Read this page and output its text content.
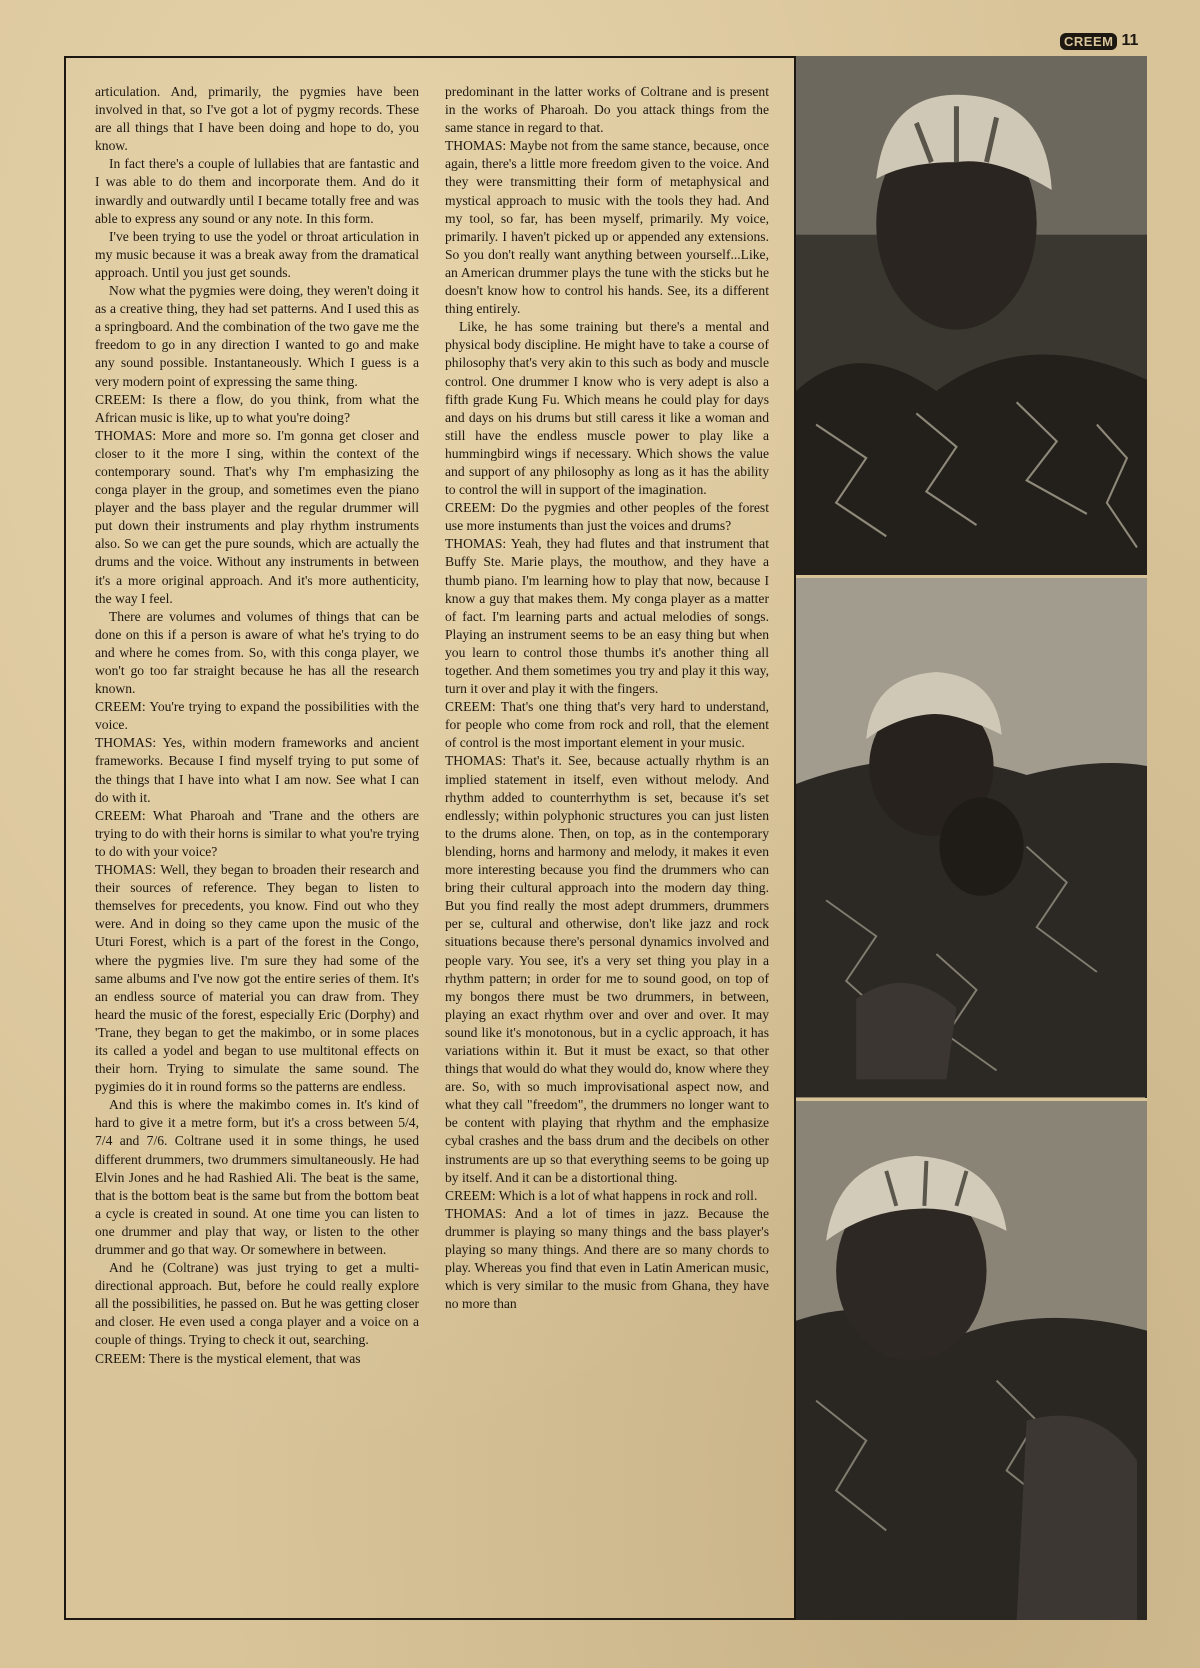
CREEM 11

articulation. And, primarily, the pygmies have been involved in that, so I've got a lot of pygmy records. These are all things that I have been doing and hope to do, you know.

In fact there's a couple of lullabies that are fantastic and I was able to do them and incorporate them. And do it inwardly and outwardly until I became totally free and was able to express any sound or any note. In this form.

I've been trying to use the yodel or throat articulation in my music because it was a break away from the dramatical approach. Until you just get sounds.

Now what the pygmies were doing, they weren't doing it as a creative thing, they had set patterns. And I used this as a springboard. And the combination of the two gave me the freedom to go in any direction I wanted to go and make any sound possible. Instantaneously. Which I guess is a very modern point of expressing the same thing.

CREEM: Is there a flow, do you think, from what the African music is like, up to what you're doing?

THOMAS: More and more so. I'm gonna get closer and closer to it the more I sing, within the context of the contemporary sound. That's why I'm emphasizing the conga player in the group, and sometimes even the piano player and the bass player and the regular drummer will put down their instruments and play rhythm instruments also. So we can get the pure sounds, which are actually the drums and the voice. Without any instruments in between it's a more original approach. And it's more authenticity, the way I feel.

There are volumes and volumes of things that can be done on this if a person is aware of what he's trying to do and where he comes from. So, with this conga player, we won't go too far straight because he has all the research known.

CREEM: You're trying to expand the possibilities with the voice.

THOMAS: Yes, within modern frameworks and ancient frameworks. Because I find myself trying to put some of the things that I have into what I am now. See what I can do with it.

CREEM: What Pharoah and 'Trane and the others are trying to do with their horns is similar to what you're trying to do with your voice?

THOMAS: Well, they began to broaden their research and their sources of reference. They began to listen to themselves for precedents, you know. Find out who they were. And in doing so they came upon the music of the Uturi Forest, which is a part of the forest in the Congo, where the pygmies live. I'm sure they had some of the same albums and I've now got the entire series of them. It's an endless source of material you can draw from. They heard the music of the forest, especially Eric (Dorphy) and 'Trane, they began to get the makimbo, or in some places its called a yodel and began to use multitonal effects on their horn. Trying to simulate the same sound. The pygimies do it in round forms so the patterns are endless.

And this is where the makimbo comes in. It's kind of hard to give it a metre form, but it's a cross between 5/4, 7/4 and 7/6. Coltrane used it in some things, he used different drummers, two drummers simultaneously. He had Elvin Jones and he had Rashied Ali. The beat is the same, that is the bottom beat is the same but from the bottom beat a cycle is created in sound. At one time you can listen to one drummer and play that way, or listen to the other drummer and go that way. Or somewhere in between.

And he (Coltrane) was just trying to get a multi-directional approach. But, before he could really explore all the possibilities, he passed on. But he was getting closer and closer. He even used a conga player and a voice on a couple of things. Trying to check it out, searching.

CREEM: There is the mystical element, that was

predominant in the latter works of Coltrane and is present in the works of Pharoah. Do you attack things from the same stance in regard to that.

THOMAS: Maybe not from the same stance, because, once again, there's a little more freedom given to the voice. And they were transmitting their form of metaphysical and mystical approach to music with the tools they had. And my tool, so far, has been myself, primarily. My voice, primarily. I haven't picked up or appended any extensions. So you don't really want anything between yourself...Like, an American drummer plays the tune with the sticks but he doesn't know how to control his hands. See, its a different thing entirely.

Like, he has some training but there's a mental and physical body discipline. He might have to take a course of philosophy that's very akin to this such as body and muscle control. One drummer I know who is very adept is also a fifth grade Kung Fu. Which means he could play for days and days on his drums but still caress it like a woman and still have the endless muscle power to play like a hummingbird wings if necessary. Which shows the value and support of any philosophy as long as it has the ability to control the will in support of the imagination.

CREEM: Do the pygmies and other peoples of the forest use more instuments than just the voices and drums?

THOMAS: Yeah, they had flutes and that instrument that Buffy Ste. Marie plays, the mouthow, and they have a thumb piano. I'm learning how to play that now, because I know a guy that makes them. My conga player as a matter of fact. I'm learning parts and actual melodies of songs. Playing an instrument seems to be an easy thing but when you learn to control those thumbs it's another thing all together. And them sometimes you try and play it this way, turn it over and play it with the fingers.

CREEM: That's one thing that's very hard to understand, for people who come from rock and roll, that the element of control is the most important element in your music.

THOMAS: That's it. See, because actually rhythm is an implied statement in itself, even without melody. And rhythm added to counterrhythm is set, because it's set endlessly; within polyphonic structures you can just listen to the drums alone. Then, on top, as in the contemporary blending, horns and harmony and melody, it makes it even more interesting because you find the drummers who can bring their cultural approach into the modern day thing. But you find really the most adept drummers, drummers per se, cultural and otherwise, don't like jazz and rock situations because there's personal dynamics involved and people vary. You see, it's a very set thing you play in a rhythm pattern; in order for me to sound good, on top of my bongos there must be two drummers, in between, playing an exact rhythm over and over and over. It may sound like it's monotonous, but in a cyclic approach, it has variations within it. But it must be exact, so that other things that would do what they would do, know where they are. So, with so much improvisational aspect now, and what they call "freedom", the drummers no longer want to be content with playing that rhythm and the emphasize cybal crashes and the bass drum and the decibels on other instruments are up so that everything seems to be going up by itself. And it can be a distortional thing.

CREEM: Which is a lot of what happens in rock and roll.

THOMAS: And a lot of times in jazz. Because the drummer is playing so many things and the bass player's playing so many things. And there are so many chords to play. Whereas you find that even in Latin American music, which is very similar to the music from Ghana, they have no more than
